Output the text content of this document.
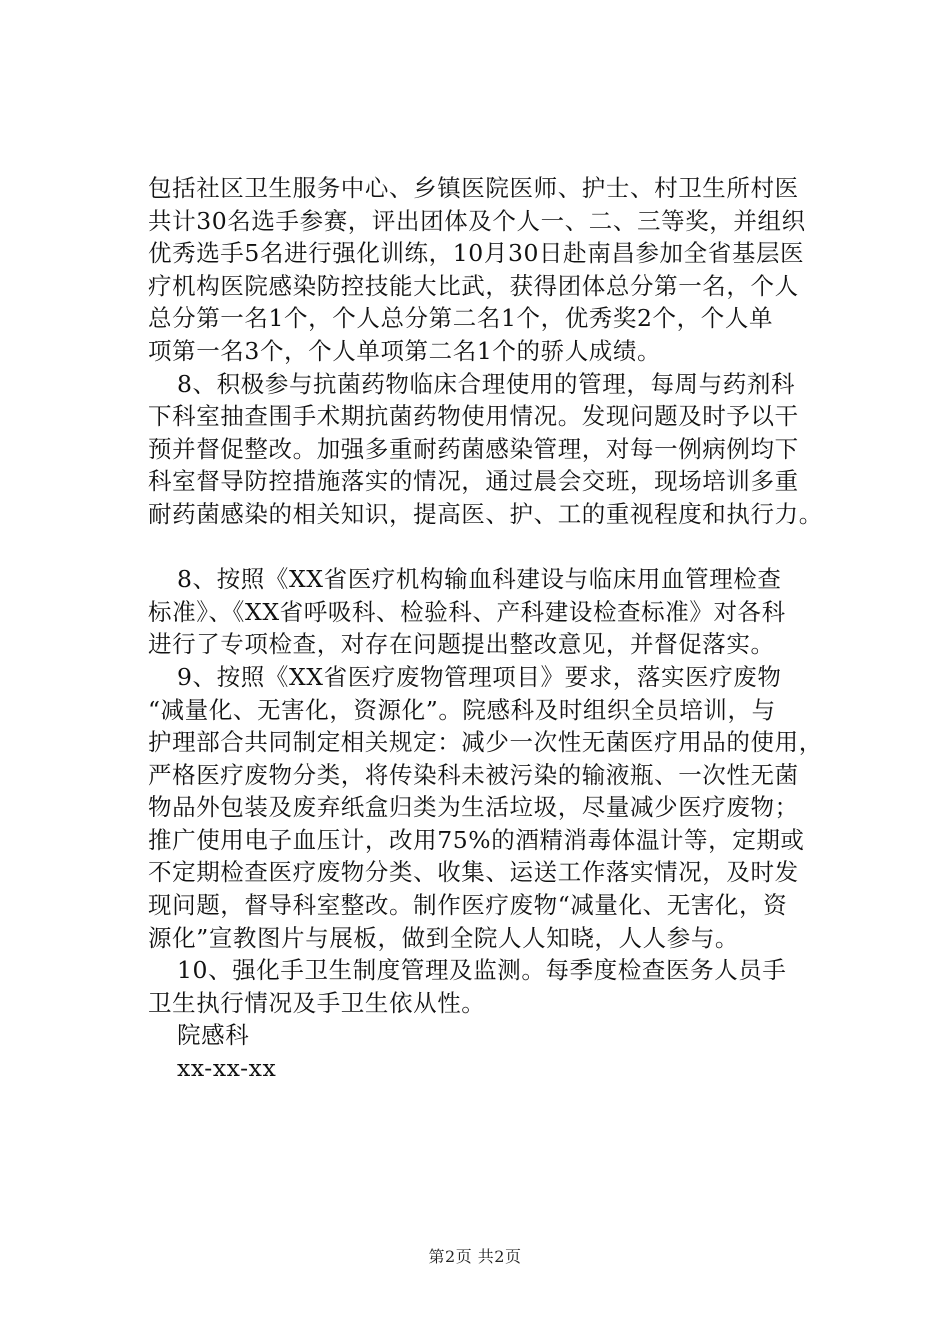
包括社区卫生服务中心、乡镇医院医师、护士、村卫生所村医
共计30名选手参赛，评出团体及个人一、二、三等奖，并组织
优秀选手5名进行强化训练，10月30日赴南昌参加全省基层医
疗机构医院感染防控技能大比武，获得团体总分第一名，个人
总分第一名1个，个人总分第二名1个，优秀奖2个，个人单
项第一名3个，个人单项第二名1个的骄人成绩。
8、积极参与抗菌药物临床合理使用的管理，每周与药剂科
下科室抽查围手术期抗菌药物使用情况。发现问题及时予以干
预并督促整改。加强多重耐药菌感染管理，对每一例病例均下
科室督导防控措施落实的情况，通过晨会交班，现场培训多重
耐药菌感染的相关知识，提高医、护、工的重视程度和执行力。
8、按照《XX省医疗机构输血科建设与临床用血管理检查
标准》、《XX省呼吸科、检验科、产科建设检查标准》对各科
进行了专项检查，对存在问题提出整改意见，并督促落实。
9、按照《XX省医疗废物管理项目》要求，落实医疗废物
“减量化、无害化，资源化”。院感科及时组织全员培训，与
护理部合共同制定相关规定：减少一次性无菌医疗用品的使用，
严格医疗废物分类，将传染科未被污染的输液瓶、一次性无菌
物品外包装及废弃纸盒归类为生活垃圾，尽量减少医疗废物；
推广使用电子血压计，改用75%的酒精消毒体温计等，定期或
不定期检查医疗废物分类、收集、运送工作落实情况，及时发
现问题，督导科室整改。制作医疗废物“减量化、无害化，资
源化”宣教图片与展板，做到全院人人知晓，人人参与。
10、强化手卫生制度管理及监测。每季度检查医务人员手
卫生执行情况及手卫生依从性。
院感科
xx-xx-xx
第2页 共2页
